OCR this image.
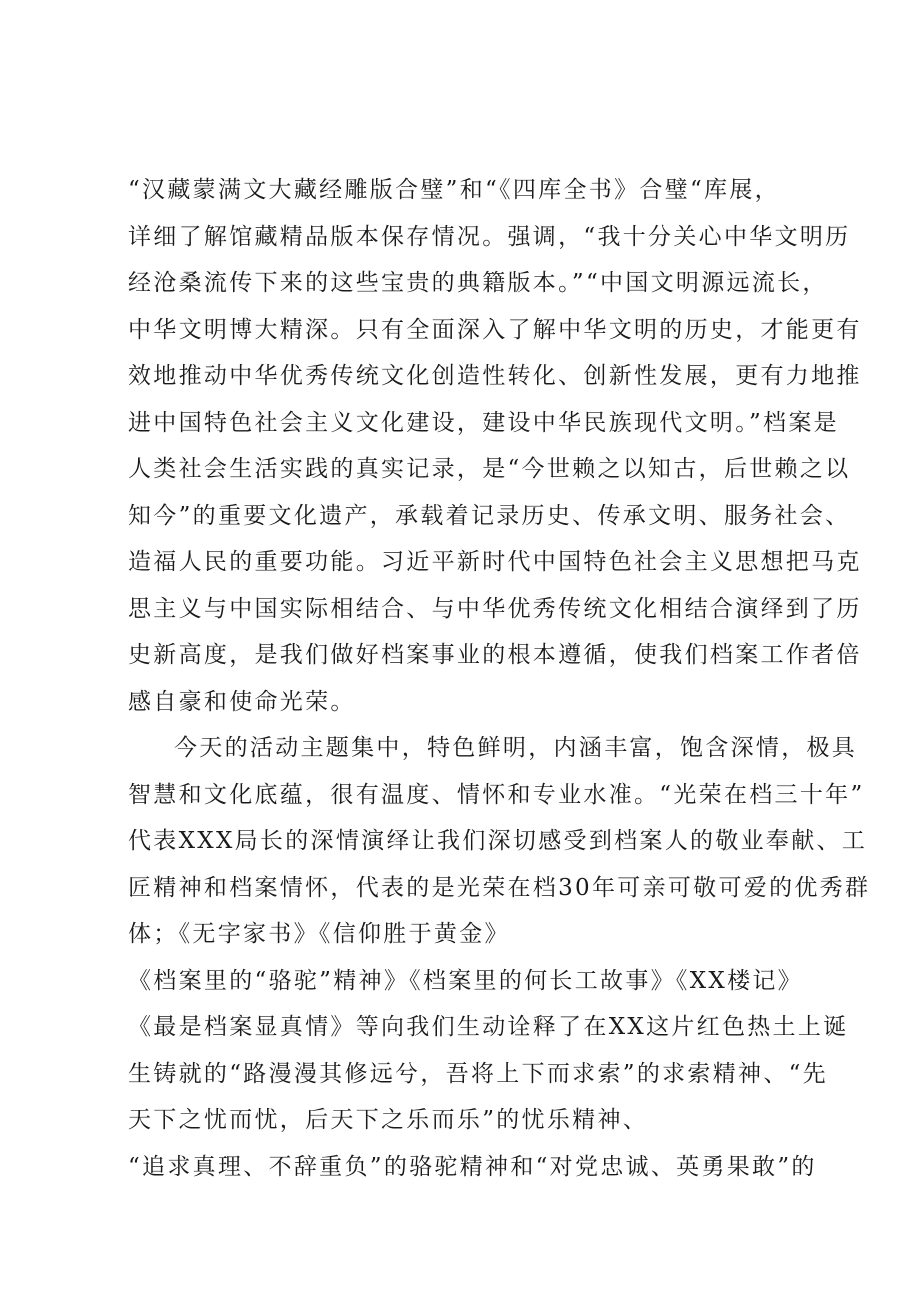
“汉藏蒙满文大藏经雕版合璧”和“《四库全书》合璧“库展，
详细了解馆藏精品版本保存情况。强调，“我十分关心中华文明历
经沧桑流传下来的这些宝贵的典籍版本。”“中国文明源远流长，
中华文明博大精深。只有全面深入了解中华文明的历史，才能更有
效地推动中华优秀传统文化创造性转化、创新性发展，更有力地推
进中国特色社会主义文化建设，建设中华民族现代文明。”档案是
人类社会生活实践的真实记录，是“今世赖之以知古，后世赖之以
知今”的重要文化遗产，承载着记录历史、传承文明、服务社会、
造福人民的重要功能。习近平新时代中国特色社会主义思想把马克
思主义与中国实际相结合、与中华优秀传统文化相结合演绎到了历
史新高度，是我们做好档案事业的根本遵循，使我们档案工作者倍
感自豪和使命光荣。
今天的活动主题集中，特色鲜明，内涵丰富，饱含深情，极具
智慧和文化底蕴，很有温度、情怀和专业水准。“光荣在档三十年”
代表XXX局长的深情演绎让我们深切感受到档案人的敬业奉献、工
匠精神和档案情怀，代表的是光荣在档30年可亲可敬可爱的优秀群
体；《无字家书》《信仰胜于黄金》
《档案里的“骆驼”精神》《档案里的何长工故事》《XX楼记》
《最是档案显真情》等向我们生动诠释了在XX这片红色热土上诞
生铸就的“路漫漫其修远兮，吾将上下而求索”的求索精神、“先
天下之忧而忧，后天下之乐而乐”的忧乐精神、
“追求真理、不辞重负”的骆驼精神和“对党忠诚、英勇果敢”的
